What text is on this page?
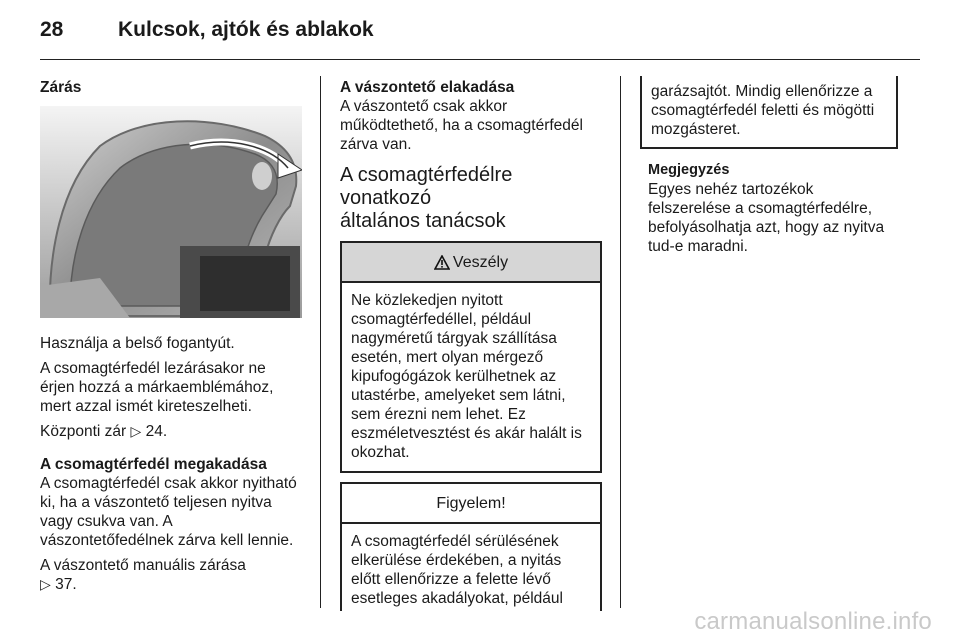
28	Kulcsok, ajtók és ablakok

Zárás

Használja a belső fogantyút.

A csomagtérfedél lezárásakor ne
érjen hozzá a márkaemblémához,
mert azzal ismét kireteszelheti.

Központi zár ▷ 24.

A csomagtérfedél megakadása

A csomagtérfedél csak akkor nyitható
ki, ha a vászontető teljesen nyitva
vagy csukva van. A
vászontetőfedélnek zárva kell lennie.

A vászontető manuális zárása
▷ 37.

A vászontető elakadása

A vászontető csak akkor
működtethető, ha a csomagtérfedél
zárva van.

A csomagtérfedélre vonatkozó
általános tanácsok

Veszély
Ne közlekedjen nyitott
csomagtérfedéllel, például
nagyméretű tárgyak szállítása
esetén, mert olyan mérgező
kipufogógázok kerülhetnek az
utastérbe, amelyeket sem látni,
sem érezni nem lehet. Ez
eszméletvesztést és akár halált is
okozhat.
Figyelem!
A csomagtérfedél sérülésének
elkerülése érdekében, a nyitás
előtt ellenőrizze a felette lévő
esetleges akadályokat, például
garázsajtót. Mindig ellenőrizze a
csomagtérfedél feletti és mögötti
mozgásteret.

Megjegyzés

Egyes nehéz tartozékok
felszerelése a csomagtérfedélre,
befolyásolhatja azt, hogy az nyitva
tud-e maradni.

carmanualsonline.info
